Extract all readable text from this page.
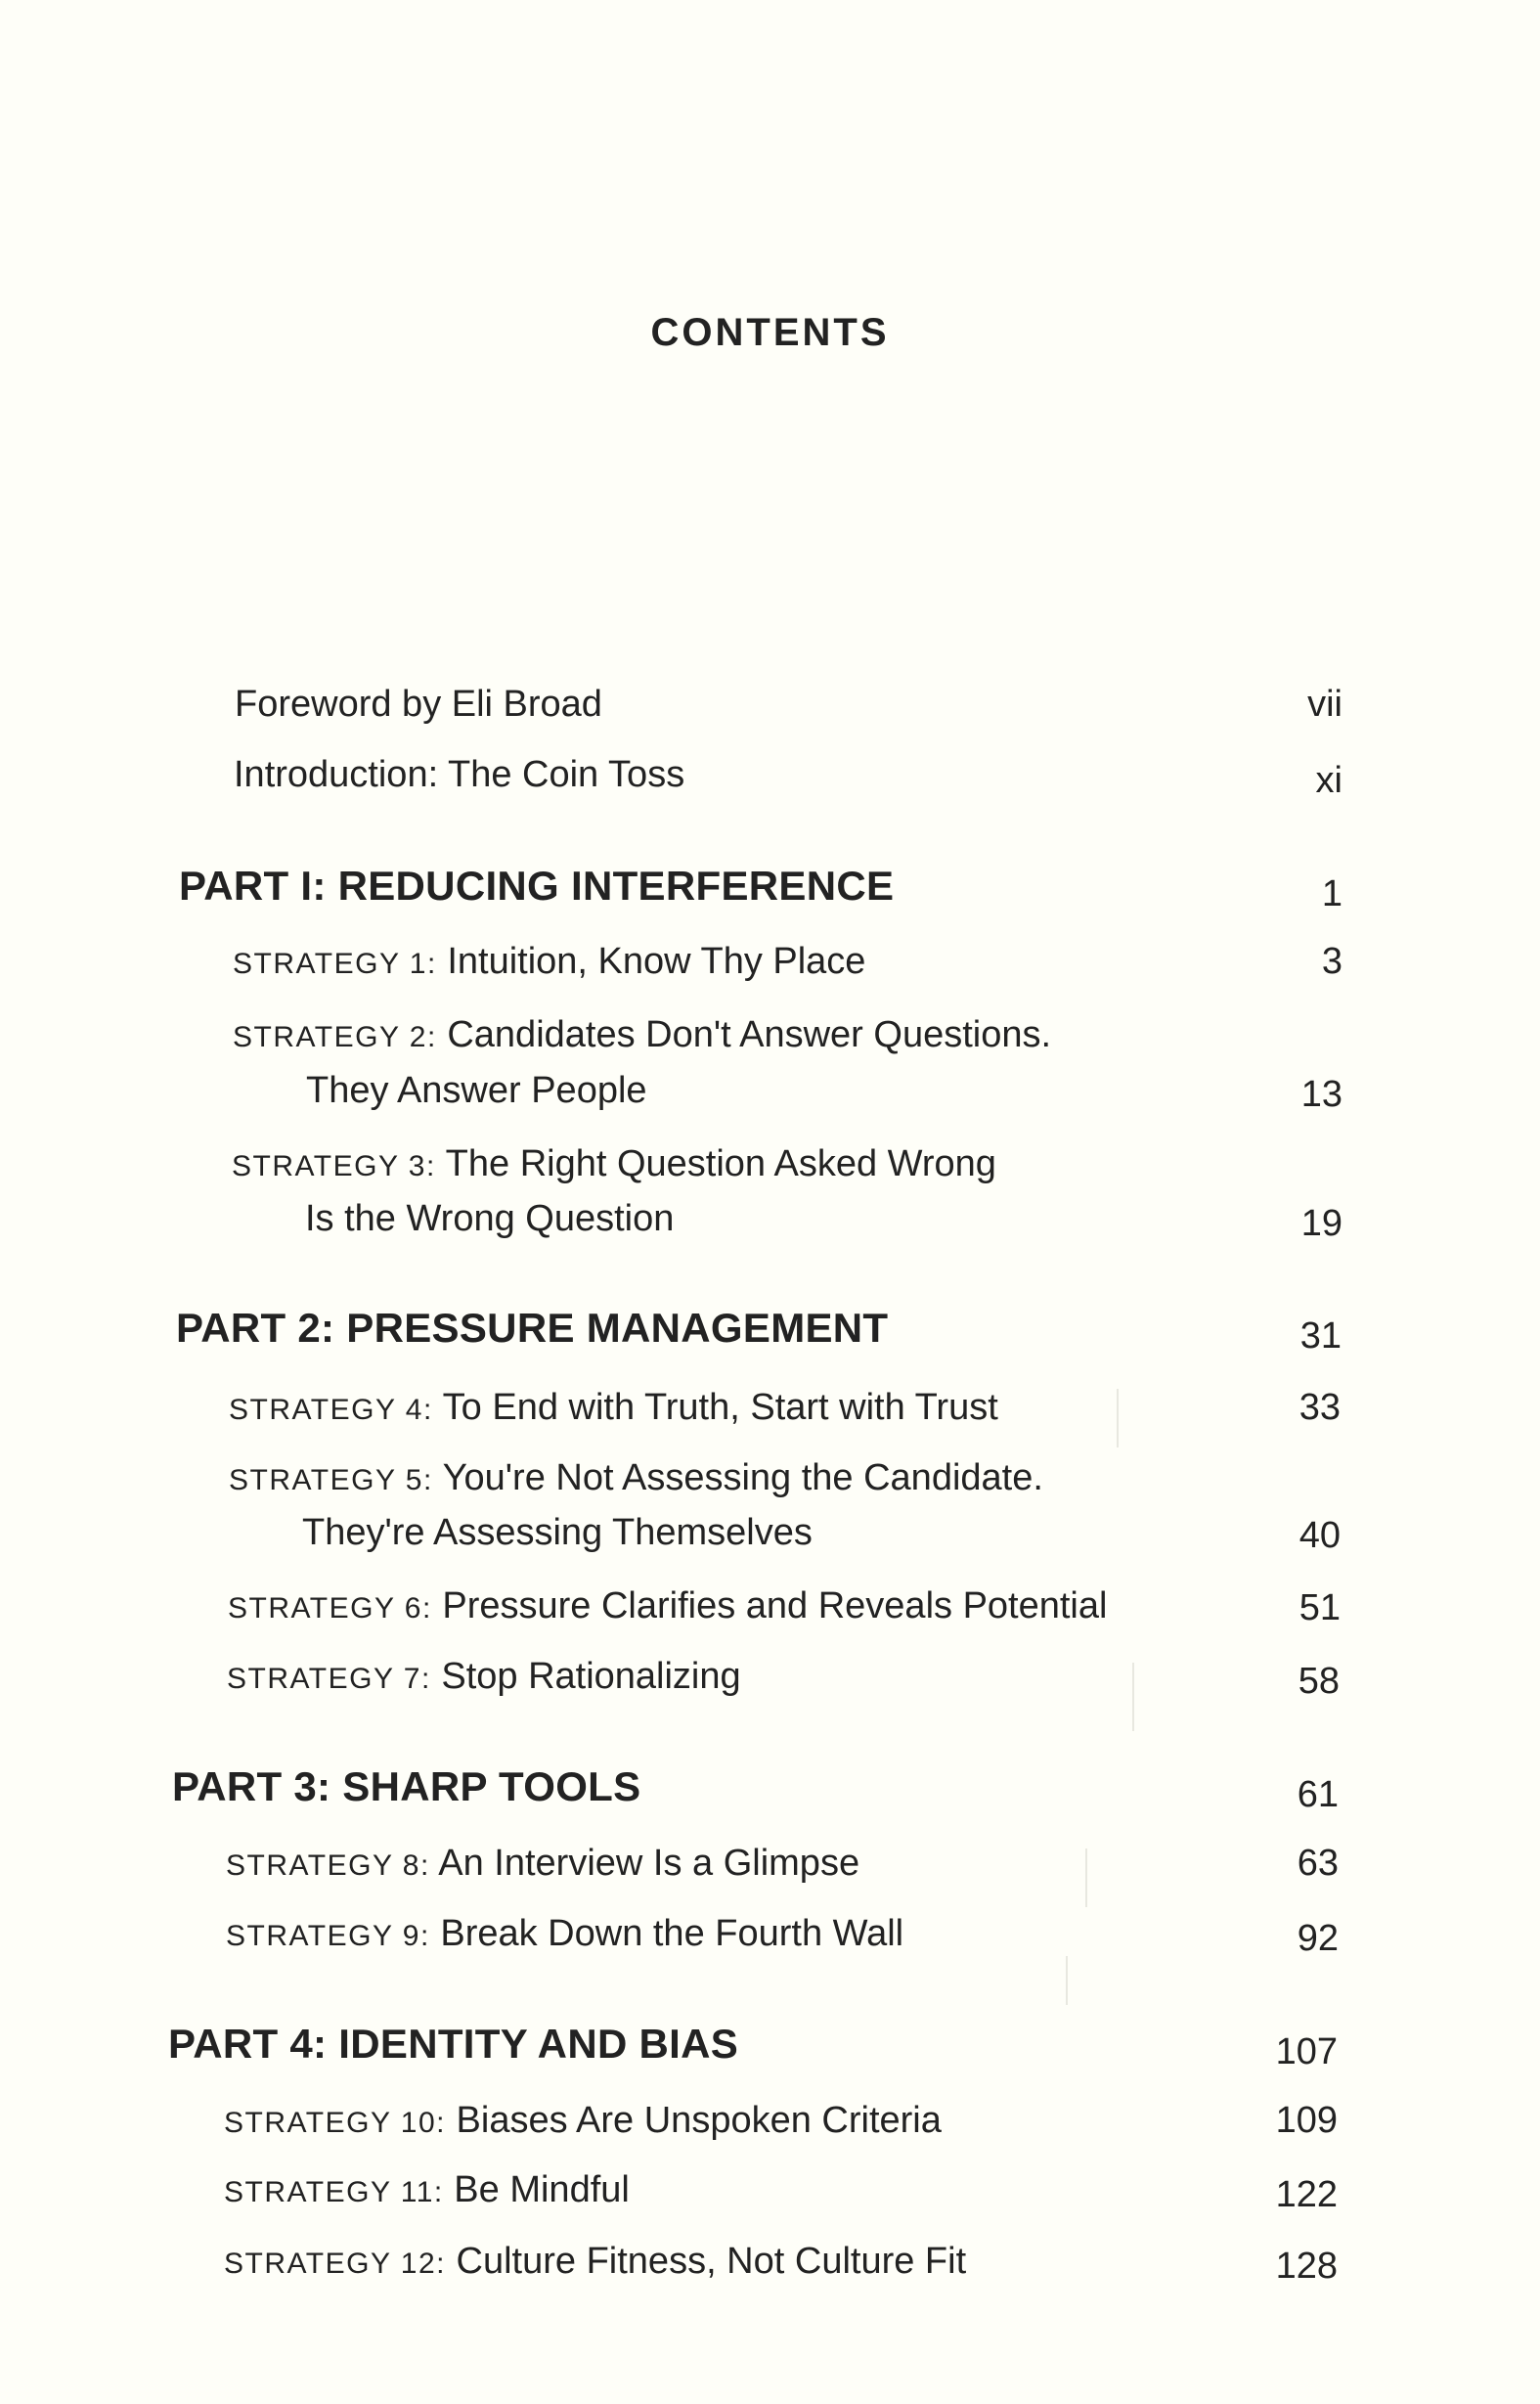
CONTENTS
Foreword by Eli Broad	vii
Introduction: The Coin Toss	xi
PART I: REDUCING INTERFERENCE	1
STRATEGY 1: Intuition, Know Thy Place	3
STRATEGY 2: Candidates Don't Answer Questions.
They Answer People	13
STRATEGY 3: The Right Question Asked Wrong
Is the Wrong Question	19
PART 2: PRESSURE MANAGEMENT	31
STRATEGY 4: To End with Truth, Start with Trust	33
STRATEGY 5: You're Not Assessing the Candidate.
They're Assessing Themselves	40
STRATEGY 6: Pressure Clarifies and Reveals Potential	51
STRATEGY 7: Stop Rationalizing	58
PART 3: SHARP TOOLS	61
STRATEGY 8: An Interview Is a Glimpse	63
STRATEGY 9: Break Down the Fourth Wall	92
PART 4: IDENTITY AND BIAS	107
STRATEGY 10: Biases Are Unspoken Criteria	109
STRATEGY 11: Be Mindful	122
STRATEGY 12: Culture Fitness, Not Culture Fit	128
